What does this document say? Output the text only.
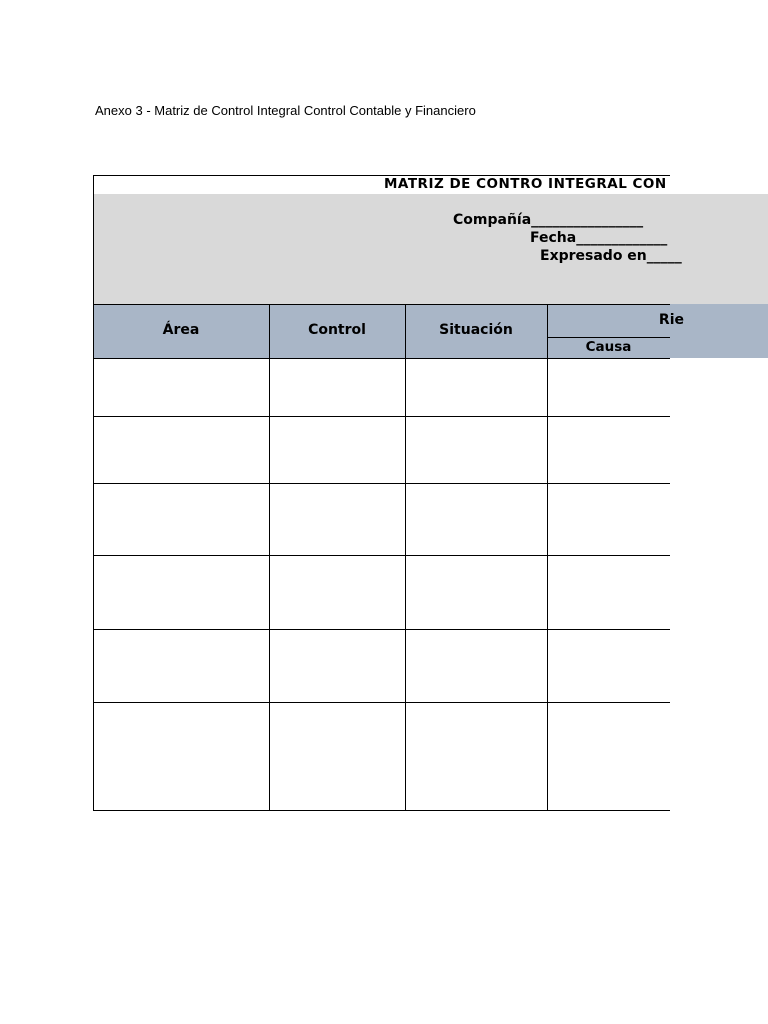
Anexo 3 - Matriz de Control Integral Control Contable y Financiero
MATRIZ DE CONTRO INTEGRAL CON
Compañía________________
Fecha_____________
Expresado en_____
Área	Control	Situación
Rie
Causa
